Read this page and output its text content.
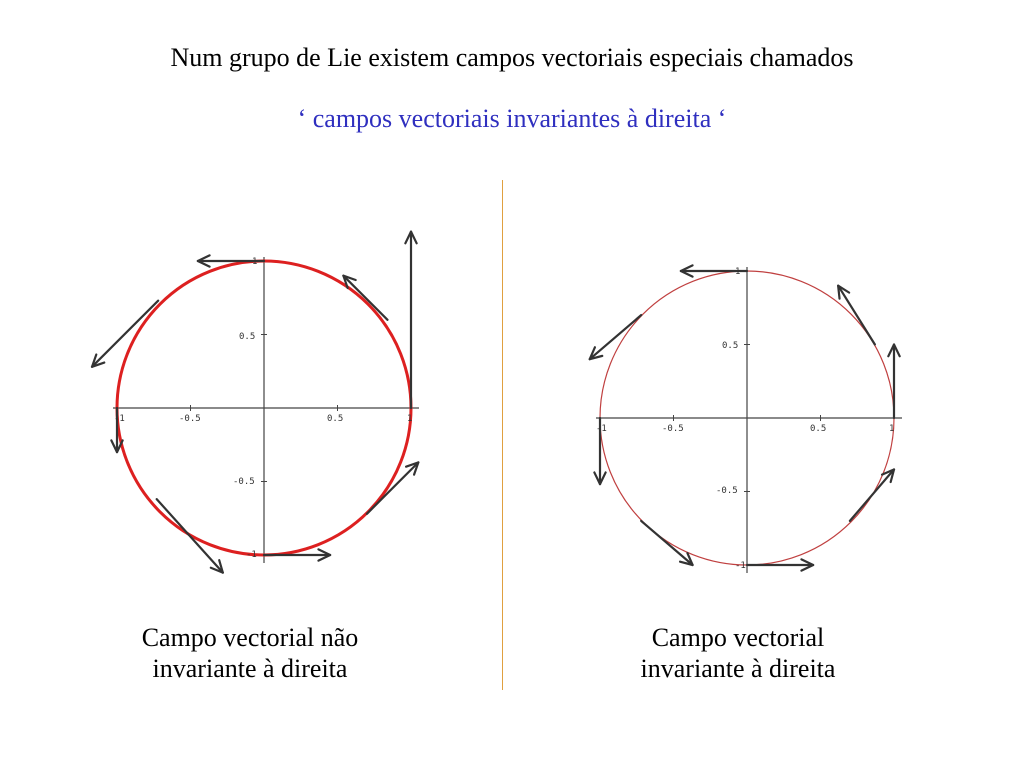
Num grupo de Lie existem campos vectoriais especiais chamados

‘ campos vectoriais invariantes à direita ‘

-1	-0.5	0.5	1
1
0.5
-0.5
-1
-1	-0.5	0.5	1
1
0.5
-0.5
-1
Campo vectorial não
invariante à direita
Campo vectorial
invariante à direita
